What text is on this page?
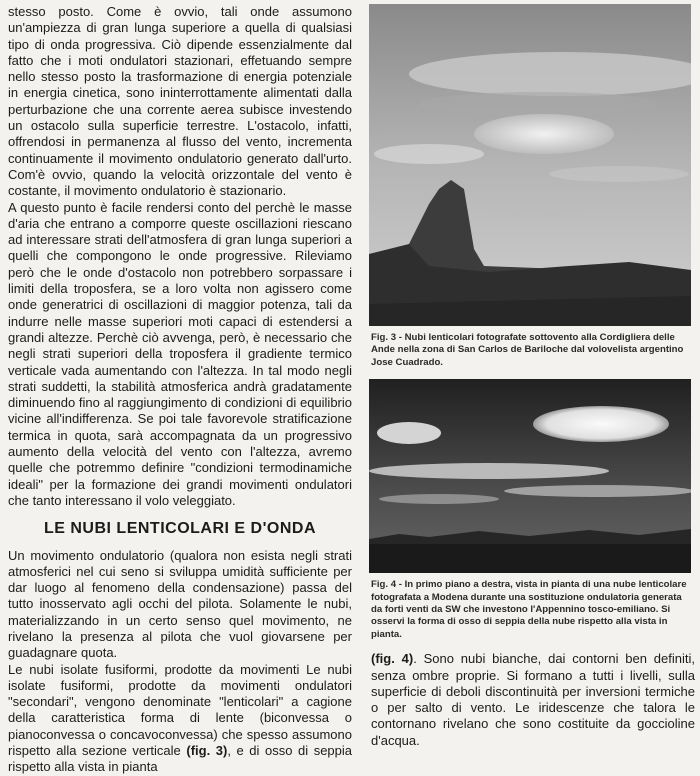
stesso posto. Come è ovvio, tali onde assumono un'ampiezza di gran lunga superiore a quella di qualsiasi tipo di onda progressiva. Ciò dipende essenzialmente dal fatto che i moti ondulatori stazionari, effetuando sempre nello stesso posto la trasformazione di energia potenziale in energia cinetica, sono ininterrottamente alimentati dalla perturbazione che una corrente aerea subisce investendo un ostacolo sulla superficie terrestre. L'ostacolo, infatti, offrendosi in permanenza al flusso del vento, incrementa continuamente il movimento ondulatorio generato dall'urto. Com'è ovvio, quando la velocità orizzontale del vento è costante, il movimento ondulatorio è stazionario.

A questo punto è facile rendersi conto del perchè le masse d'aria che entrano a comporre queste oscillazioni riescano ad interessare strati dell'atmosfera di gran lunga superiori a quelli che compongono le onde progressive. Rileviamo però che le onde d'ostacolo non potrebbero sorpassare i limiti della troposfera, se a loro volta non agissero come onde generatrici di oscillazioni di maggior potenza, tali da indurre nelle masse superiori moti capaci di estendersi a grandi altezze. Perchè ciò avvenga, però, è necessario che negli strati superiori della troposfera il gradiente termico verticale vada aumentando con l'altezza. In tal modo negli strati suddetti, la stabilità atmosferica andrà gradatamente diminuendo fino al raggiungimento di condizioni di equilibrio vicine all'indifferenza. Se poi tale favorevole stratificazione termica in quota, sarà accompagnata da un progressivo aumento della velocità del vento con l'altezza, avremo quelle che potremmo definire "condizioni termodinamiche ideali" per la formazione dei grandi movimenti ondulatori che tanto interessano il volo veleggiato.

LE NUBI LENTICOLARI E D'ONDA

Un movimento ondulatorio (qualora non esista negli strati atmosferici nel cui seno si sviluppa umidità sufficiente per dar luogo al fenomeno della condensazione) passa del tutto inosservato agli occhi del pilota. Solamente le nubi, materializzando in un certo senso quel movimento, ne rivelano la presenza al pilota che vuol giovarsene per guadagnare quota.

Le nubi isolate fusiformi, prodotte da movimenti Le nubi isolate fusiformi, prodotte da movimenti ondulatori "secondari", vengono denominate "lenticolari" a cagione della caratteristica forma di lente (biconvessa o pianoconvessa o concavoconvessa) che spesso assumono rispetto alla sezione verticale (fig. 3), e di osso di seppia rispetto alla vista in pianta

Fig. 3 - Nubi lenticolari fotografate sottovento alla Cordigliera delle Ande nella zona di San Carlos de Bariloche dal volovelista argentino Jose Cuadrado.
Fig. 4 - In primo piano a destra, vista in pianta di una nube lenticolare fotografata a Modena durante una sostituzione ondulatoria generata da forti venti da SW che investono l'Appennino tosco-emiliano. Si osservi la forma di osso di seppia della nube rispetto alla vista in pianta.
(fig. 4). Sono nubi bianche, dai contorni ben definiti, senza ombre proprie. Si formano a tutti i livelli, sulla superficie di deboli discontinuità per inversioni termiche o per salto di vento. Le iridescenze che talora le contornano rivelano che sono costituite da goccioline d'acqua.
